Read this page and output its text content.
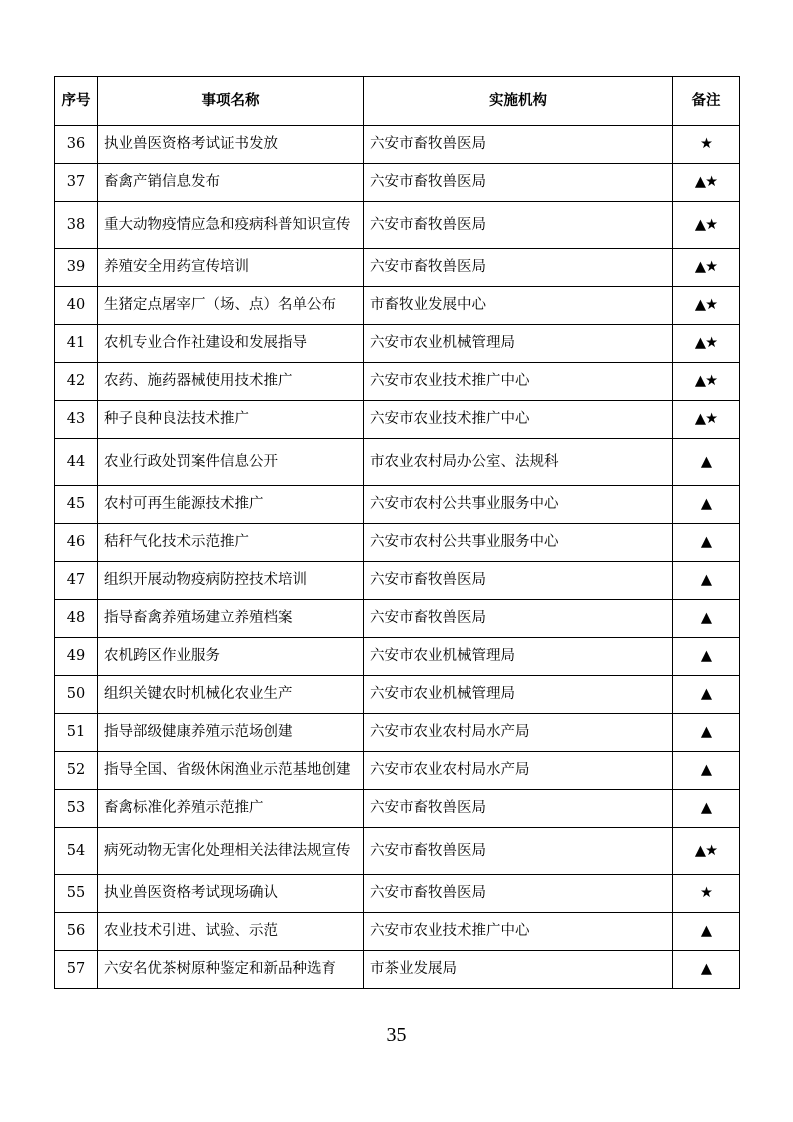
序号	事项名称	实施机构	备注
36	执业兽医资格考试证书发放	六安市畜牧兽医局	★
37	畜禽产销信息发布	六安市畜牧兽医局	▲★
38	重大动物疫情应急和疫病科普知识宣传	六安市畜牧兽医局	▲★
39	养殖安全用药宣传培训	六安市畜牧兽医局	▲★
40	生猪定点屠宰厂（场、点）名单公布	市畜牧业发展中心	▲★
41	农机专业合作社建设和发展指导	六安市农业机械管理局	▲★
42	农药、施药器械使用技术推广	六安市农业技术推广中心	▲★
43	种子良种良法技术推广	六安市农业技术推广中心	▲★
44	农业行政处罚案件信息公开	市农业农村局办公室、法规科	▲
45	农村可再生能源技术推广	六安市农村公共事业服务中心	▲
46	秸秆气化技术示范推广	六安市农村公共事业服务中心	▲
47	组织开展动物疫病防控技术培训	六安市畜牧兽医局	▲
48	指导畜禽养殖场建立养殖档案	六安市畜牧兽医局	▲
49	农机跨区作业服务	六安市农业机械管理局	▲
50	组织关键农时机械化农业生产	六安市农业机械管理局	▲
51	指导部级健康养殖示范场创建	六安市农业农村局水产局	▲
52	指导全国、省级休闲渔业示范基地创建	六安市农业农村局水产局	▲
53	畜禽标准化养殖示范推广	六安市畜牧兽医局	▲
54	病死动物无害化处理相关法律法规宣传	六安市畜牧兽医局	▲★
55	执业兽医资格考试现场确认	六安市畜牧兽医局	★
56	农业技术引进、试验、示范	六安市农业技术推广中心	▲
57	六安名优茶树原种鉴定和新品种选育	市茶业发展局	▲
35
